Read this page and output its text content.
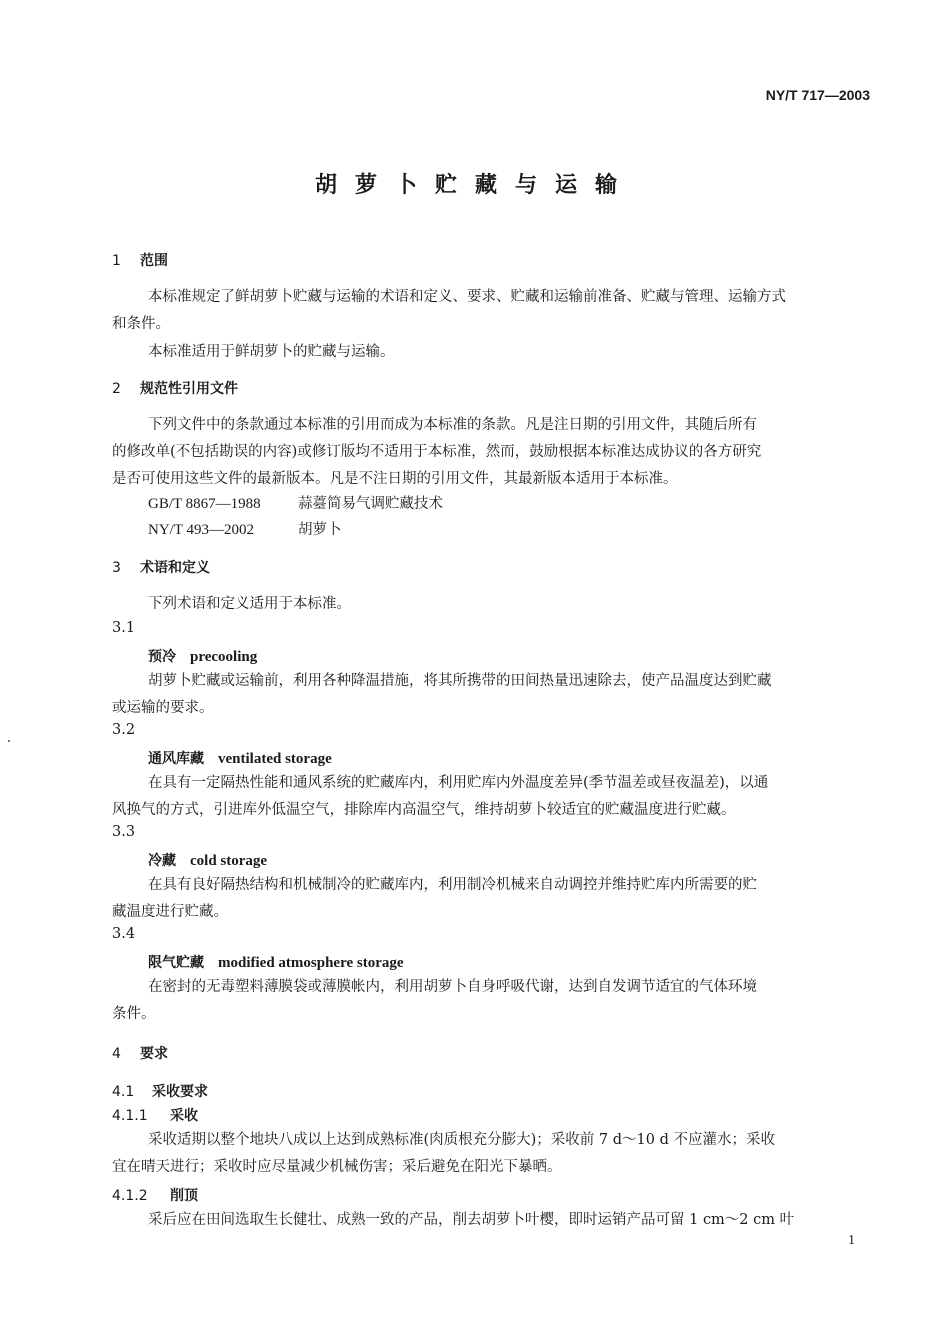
NY/T 717—2003
胡萝卜贮藏与运输
1 范围
本标准规定了鲜胡萝卜贮藏与运输的术语和定义、要求、贮藏和运输前准备、贮藏与管理、运输方式
和条件。
本标准适用于鲜胡萝卜的贮藏与运输。
2 规范性引用文件
下列文件中的条款通过本标准的引用而成为本标准的条款。凡是注日期的引用文件，其随后所有
的修改单(不包括勘误的内容)或修订版均不适用于本标准，然而，鼓励根据本标准达成协议的各方研究
是否可使用这些文件的最新版本。凡是不注日期的引用文件，其最新版本适用于本标准。
GB/T 8867—1988	蒜薹简易气调贮藏技术
NY/T 493—2002	胡萝卜
3 术语和定义
下列术语和定义适用于本标准。
3.1
预冷 precooling
胡萝卜贮藏或运输前，利用各种降温措施，将其所携带的田间热量迅速除去，使产品温度达到贮藏
或运输的要求。
3.2
通风库藏 ventilated storage
在具有一定隔热性能和通风系统的贮藏库内，利用贮库内外温度差异(季节温差或昼夜温差)，以通
风换气的方式，引进库外低温空气，排除库内高温空气，维持胡萝卜较适宜的贮藏温度进行贮藏。
3.3
冷藏 cold storage
在具有良好隔热结构和机械制冷的贮藏库内，利用制冷机械来自动调控并维持贮库内所需要的贮
藏温度进行贮藏。
3.4
限气贮藏 modified atmosphere storage
在密封的无毒塑料薄膜袋或薄膜帐内，利用胡萝卜自身呼吸代谢，达到自发调节适宜的气体环境
条件。
4 要求
4.1 采收要求
4.1.1 采收
采收适期以整个地块八成以上达到成熟标准(肉质根充分膨大)；采收前 7 d～10 d 不应灌水；采收
宜在晴天进行；采收时应尽量减少机械伤害；采后避免在阳光下暴晒。
4.1.2 削顶
采后应在田间选取生长健壮、成熟一致的产品，削去胡萝卜叶樱，即时运销产品可留 1 cm～2 cm 叶
1
